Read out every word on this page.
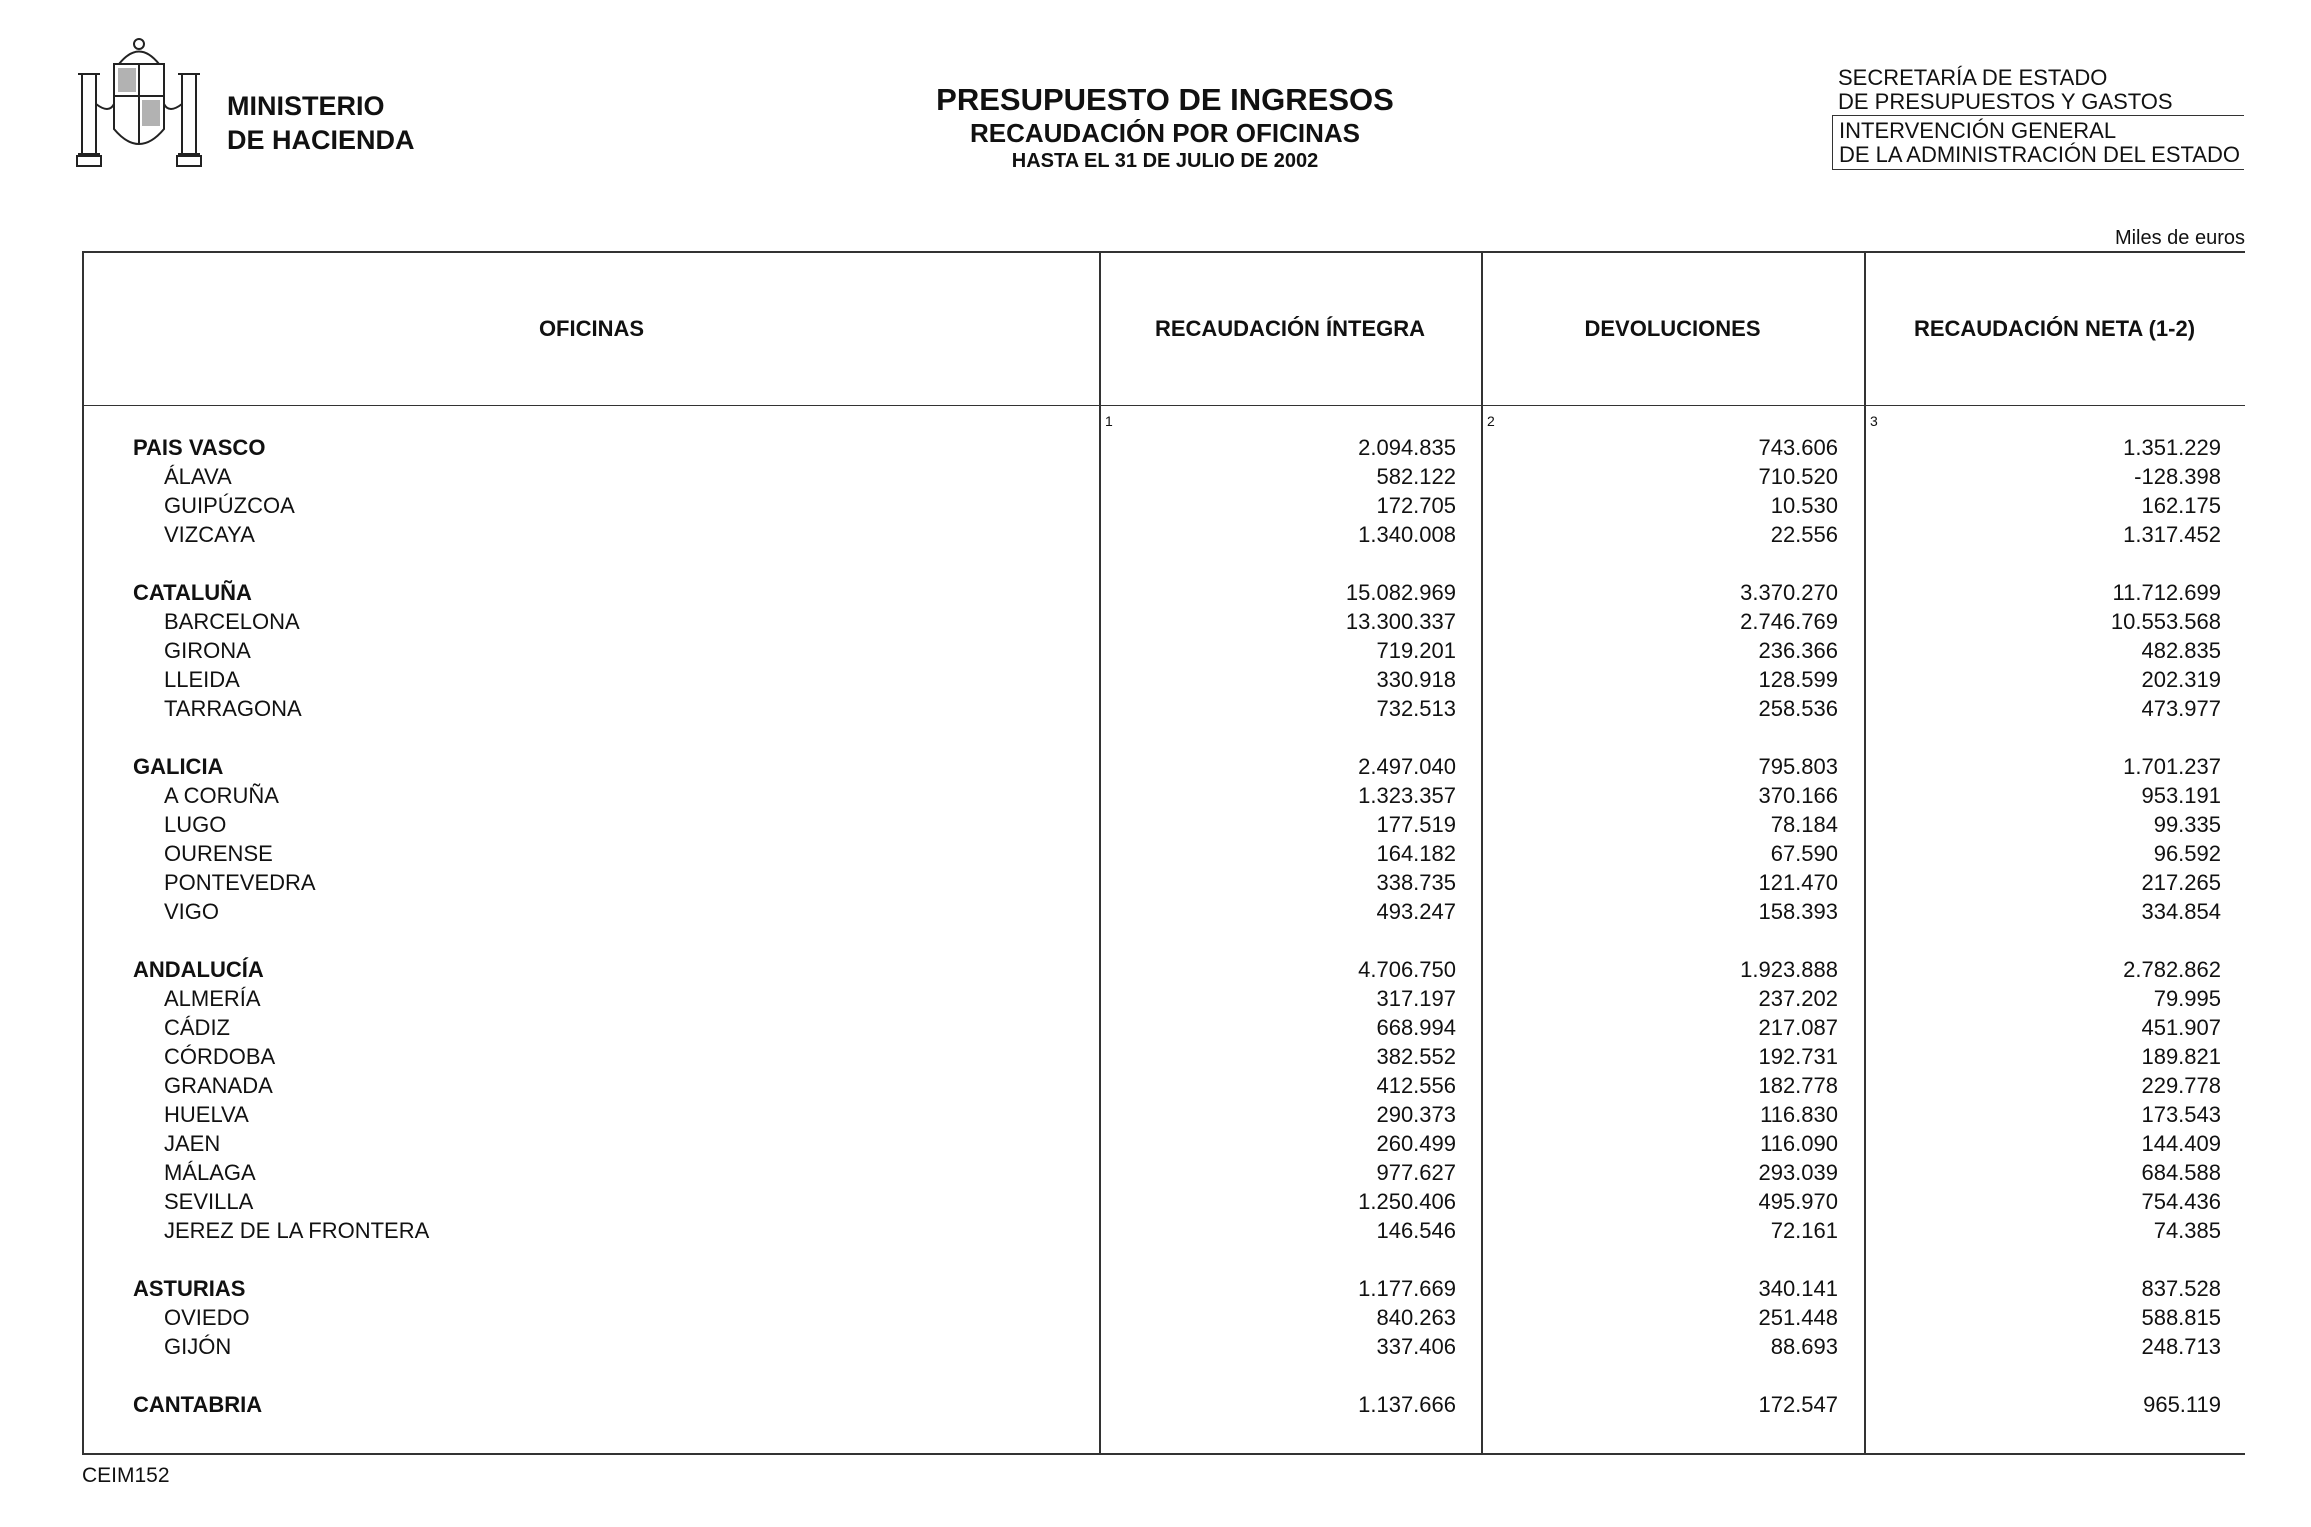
MINISTERIO
DE HACIENDA
PRESUPUESTO DE INGRESOS
RECAUDACIÓN POR OFICINAS
HASTA EL 31 DE JULIO DE 2002
SECRETARÍA DE ESTADO
DE PRESUPUESTOS Y GASTOS
INTERVENCIÓN GENERAL
DE LA ADMINISTRACIÓN DEL ESTADO
Miles de euros
OFICINAS	RECAUDACIÓN ÍNTEGRA	DEVOLUCIONES	RECAUDACIÓN NETA (1-2)
1	2	3
PAIS VASCO	2.094.835	743.606	1.351.229
ÁLAVA	582.122	710.520	-128.398
GUIPÚZCOA	172.705	10.530	162.175
VIZCAYA	1.340.008	22.556	1.317.452
CATALUÑA	15.082.969	3.370.270	11.712.699
BARCELONA	13.300.337	2.746.769	10.553.568
GIRONA	719.201	236.366	482.835
LLEIDA	330.918	128.599	202.319
TARRAGONA	732.513	258.536	473.977
GALICIA	2.497.040	795.803	1.701.237
A CORUÑA	1.323.357	370.166	953.191
LUGO	177.519	78.184	99.335
OURENSE	164.182	67.590	96.592
PONTEVEDRA	338.735	121.470	217.265
VIGO	493.247	158.393	334.854
ANDALUCÍA	4.706.750	1.923.888	2.782.862
ALMERÍA	317.197	237.202	79.995
CÁDIZ	668.994	217.087	451.907
CÓRDOBA	382.552	192.731	189.821
GRANADA	412.556	182.778	229.778
HUELVA	290.373	116.830	173.543
JAEN	260.499	116.090	144.409
MÁLAGA	977.627	293.039	684.588
SEVILLA	1.250.406	495.970	754.436
JEREZ DE LA FRONTERA	146.546	72.161	74.385
ASTURIAS	1.177.669	340.141	837.528
OVIEDO	840.263	251.448	588.815
GIJÓN	337.406	88.693	248.713
CANTABRIA	1.137.666	172.547	965.119
CEIM152
